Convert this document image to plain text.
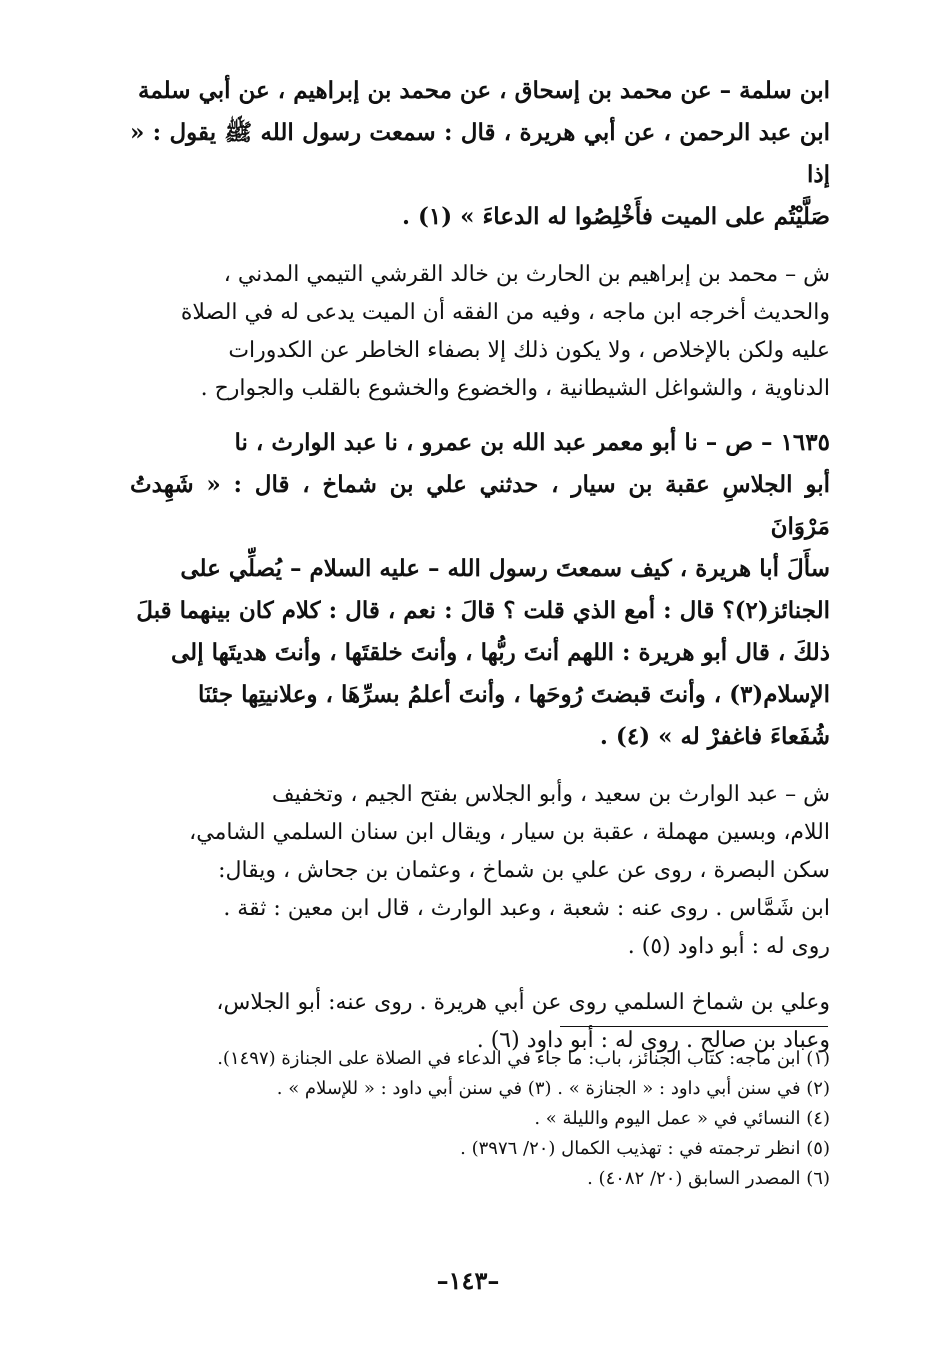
ابن سلمة – عن محمد بن إسحاق ، عن محمد بن إبراهيم ، عن أبي سلمة
ابن عبد الرحمن ، عن أبي هريرة ، قال : سمعت رسول الله ﷺ يقول : « إذا
صَلَّيْتُم على الميت فأَخْلِصُوا له الدعاءَ » (١) .

ش – محمد بن إبراهيم بن الحارث بن خالد القرشي التيمي المدني ،
والحديث أخرجه ابن ماجه ، وفيه من الفقه أن الميت يدعى له في الصلاة
عليه ولكن بالإخلاص ، ولا يكون ذلك إلا بصفاء الخاطر عن الكدورات
الدناوية ، والشواغل الشيطانية ، والخضوع والخشوع بالقلب والجوارح .

١٦٣٥ – ص – نا أبو معمر عبد الله بن عمرو ، نا عبد الوارث ، نا
أبو الجلاسِ عقبة بن سيار ، حدثني علي بن شماخ ، قال : « شَهِدتُ مَرْوَانَ
سأَلَ أبا هريرة ، كيف سمعتَ رسول الله – عليه السلام – يُصلِّي على
الجنائز(٢)؟ قال : أمع الذي قلت ؟ قالَ : نعم ، قال : كلام كان بينهما قبلَ
ذلكَ ، قال أبو هريرة : اللهم أنتَ ربُّها ، وأنتَ خلقتَها ، وأنتَ هديتَها إلى
الإسلام(٣) ، وأنتَ قبضتَ رُوحَها ، وأنتَ أعلمُ بسرِّهَا ، وعلانيتِها جئنَا
شُفَعاءَ فاغفرْ له » (٤) .

ش – عبد الوارث بن سعيد ، وأبو الجلاس بفتح الجيم ، وتخفيف
اللام، وبسين مهملة ، عقبة بن سيار ، ويقال ابن سنان السلمي الشامي،
سكن البصرة ، روى عن علي بن شماخ ، وعثمان بن جحاش ، ويقال:
ابن شَمَّاس . روى عنه : شعبة ، وعبد الوارث ، قال ابن معين : ثقة .
روى له : أبو داود (٥) .

وعلي بن شماخ السلمي روى عن أبي هريرة . روى عنه: أبو الجلاس،
وعباد بن صالح . روى له : أبو داود (٦) .

(١) ابن ماجه: كتاب الجنائز، باب: ما جاء في الدعاء في الصلاة على الجنازة (١٤٩٧).

(٢) في سنن أبي داود : « الجنازة » . (٣) في سنن أبي داود : « للإسلام » .

(٤) النسائي في « عمل اليوم والليلة » .

(٥) انظر ترجمته في : تهذيب الكمال (٢٠/ ٣٩٧٦) .

(٦) المصدر السابق (٢٠/ ٤٠٨٢) .

–١٤٣–
